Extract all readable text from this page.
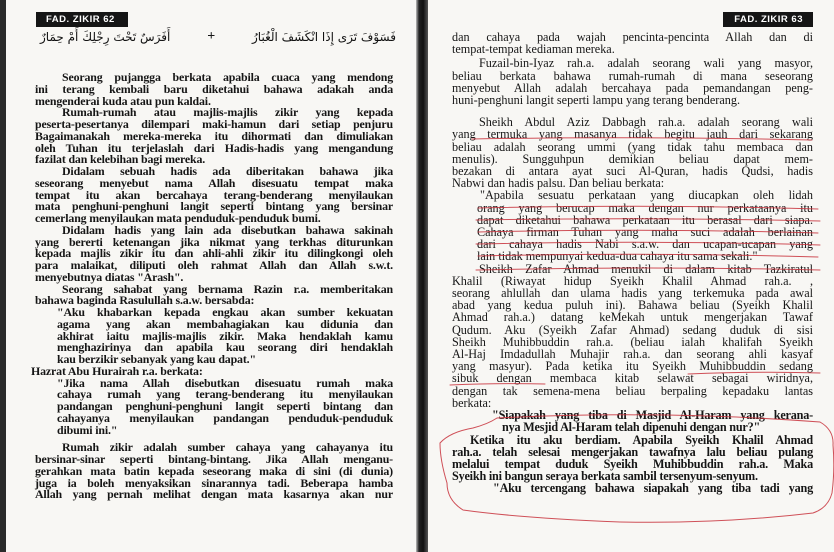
FAD. ZIKIR 62
أَفَرَسٌ تَحْتَ رِجْلِكَ أَمْ حِمَارٌ	+	فَسَوْفَ تَرَى إِذَا انْكَشَفَ الْغُبَارُ
Seorang pujangga berkata apabila cuaca yang mendong
ini terang kembali baru diketahui bahawa adakah anda
mengenderai kuda atau pun kaldai.
Rumah-rumah atau majlis-majlis zikir yang kepada
peserta-pesertanya dilempari maki-hamun dari setiap penjuru
Bagaimanakah mereka-mereka itu dihormati dan dimuliakan
oleh Tuhan itu terjelaslah dari Hadis-hadis yang mengandung
fazilat dan kelebihan bagi mereka.
Didalam sebuah hadis ada diberitakan bahawa jika
seseorang menyebut nama Allah disesuatu tempat maka
tempat itu akan bercahaya terang-benderang menyilaukan
mata penghuni-penghuni langit seperti bintang yang bersinar
cemerlang menyilaukan mata penduduk-penduduk bumi.
Didalam hadis yang lain ada disebutkan bahawa sakinah
yang bererti ketenangan jika nikmat yang terkhas diturunkan
kepada majlis zikir itu dan ahli-ahli zikir itu dilingkongi oleh
para malaikat, diliputi oleh rahmat Allah dan Allah s.w.t.
menyebutnya diatas "Arash".
Seorang sahabat yang bernama Razin r.a. memberitakan
bahawa baginda Rasulullah s.a.w. bersabda:
"Aku khabarkan kepada engkau akan sumber kekuatan
agama yang akan membahagiakan kau didunia dan
akhirat iaitu majlis-majlis zikir. Maka hendaklah kamu
menghazirinya dan apabila kau seorang diri hendaklah
kau berzikir sebanyak yang kau dapat."
Hazrat Abu Hurairah r.a. berkata:
"Jika nama Allah disebutkan disesuatu rumah maka
cahaya rumah yang terang-benderang itu menyilaukan
pandangan penghuni-penghuni langit seperti bintang dan
cahayanya menyilaukan pandangan penduduk-penduduk
dibumi ini."
Rumah zikir adalah sumber cahaya yang cahayanya itu
bersinar-sinar seperti bintang-bintang. Jika Allah menganu-
gerahkan mata batin kepada seseorang maka di sini (di dunia)
juga ia boleh menyaksikan sinarannya tadi. Beberapa hamba
Allah yang pernah melihat dengan mata kasarnya akan nur
FAD. ZIKIR 63
dan cahaya pada wajah pencinta-pencinta Allah dan di
tempat-tempat kediaman mereka.
Fuzail-bin-Iyaz rah.a. adalah seorang wali yang masyor,
beliau berkata bahawa rumah-rumah di mana seseorang
menyebut Allah adalah bercahaya pada pemandangan peng-
huni-penghuni langit seperti lampu yang terang benderang.
Sheikh Abdul Aziz Dabbagh rah.a. adalah seorang wali
yang termuka yang masanya tidak begitu jauh dari sekarang
beliau adalah seorang ummi (yang tidak tahu membaca dan
menulis). Sungguhpun demikian beliau dapat mem-
bezakan di antara ayat suci Al-Quran, hadis Qudsi, hadis
Nabwi dan hadis palsu. Dan beliau berkata:
"Apabila sesuatu perkataan yang diucapkan oleh lidah
orang yang berucap maka dengan nur perkataanya itu
dapat diketahui bahawa perkataan itu berasal dari siapa.
Cahaya firman Tuhan yang maha suci adalah berlainan
dari cahaya hadis Nabi s.a.w. dan ucapan-ucapan yang
lain tidak mempunyai kedua-dua cahaya itu sama sekali."
Sheikh Zafar Ahmad menukil di dalam kitab Tazkiratul
Khalil (Riwayat hidup Syeikh Khalil Ahmad rah.a. ,
seorang ahlullah dan ulama hadis yang terkemuka pada awal
abad yang kedua puluh ini). Bahawa beliau (Syeikh Khalil
Ahmad rah.a.) datang keMekah untuk mengerjakan Tawaf
Qudum. Aku (Syeikh Zafar Ahmad) sedang duduk di sisi
Sheikh Muhibbuddin rah.a. (beliau ialah khalifah Syeikh
Al-Haj Imdadullah Muhajir rah.a. dan seorang ahli kasyaf
yang masyur). Pada ketika itu Syeikh Muhibbuddin sedang
sibuk dengan membaca kitab selawat sebagai wiridnya,
dengan tak semena-mena beliau berpaling kepadaku lantas
berkata:
"Siapakah yang tiba di Masjid Al-Haram yang kerana-
nya Mesjid Al-Haram telah dipenuhi dengan nur?"
Ketika itu aku berdiam. Apabila Syeikh Khalil Ahmad
rah.a. telah selesai mengerjakan tawafnya lalu beliau pulang
melalui tempat duduk Syeikh Muhibbuddin rah.a. Maka
Syeikh ini bangun seraya berkata sambil tersenyum-senyum.
"Aku tercengang bahawa siapakah yang tiba tadi yang
